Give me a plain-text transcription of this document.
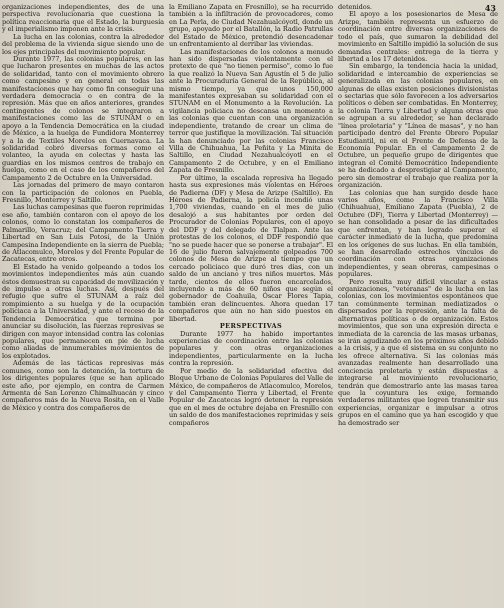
43

organizaciones independientes, des de una perspectiva revolucionaria que cuestiona la política reaccionaria que el Estado, la burguesía y el imperialismo imponen ante la crisis.

La lucha en las colonias, contra la alrededor del problema de la vivienda sigue siendo uno de los ejes principales del movimiento popular.

Durante 1977, las colonias populares, en las que lucharon presentes en muchas de las actos de solidaridad, tanto con el movimiento obrero como campesino y en general en todas las manifestaciones que hay como fin conseguir una verdadera democracia o en contra de la represión. Más que en años anteriores, grandes contingentes de colonos se integraron a manifestaciones como las de STUNAM o en apoyo a la Tendencia Democrática en la ciudad de México, a la huelga de Fundidora Monterrey y a la de Textiles Morelos en Cuernavaca. La solidaridad cobró diversas formas como el volanteo, la ayuda en colectas y hasta las guardias en los mismos centros de trabajo en huelga, como en el caso de los compañeros del Campamento 2 de Octubre en la Universidad.

Las jornadas del primero de mayo contaron con la participación de colonos en Puebla, Fresnillo, Monterrey y Saltillo.

Las luchas campesinas que fueron reprimidas ese año, también contaron con el apoyo de los colonos, como lo constatan los compañeros de Palmarillo, Veracruz; del Campamento Tierra y Libertad en San Luis Potosí, de la Unión Campesina Independiente en la sierra de Puebla; de Atlacomulco, Morelos y del Frente Popular de Zacatecas, entre otros.

El Estado ha venido golpeando a todos los movimientos independientes más aún cuando éstos demuestran su capacidad de movilización y de impulso a otras luchas. Así, después del refugio que sufre el STUNAM a raíz del rompimiento a su huelga y de la ocupación policiaca a la Universidad, y ante el receso de la Tendencia Democrática que termina por anunciar su disolución, las fuerzas represivas se dirigen con mayor intensidad contra las colonias populares, que permanecen en pie de lucha como aliadas de innumerables movimientos de los explotados.

Además de las tácticas represivas más comunes, como son la detención, la tortura de los dirigentes populares (que se han aplicado este año, por ejemplo, en contra de Carmen Armenta de San Lorenzo Chimalhuacán y cinco compañeros más de la Nueva Rosita, en el Valle de México y contra dos compañeros de

la Emiliano Zapata en Fresnillo), se ha recurrido también a la infiltración de provocadores, como en La Perla, de Ciudad Nezahualcóyotl, donde un grupo, apoyado por el Batallón, la Radio Patrullas del Estado de México, pretendió desencadenar un enfrentamiento al derribar las viviendas.

Las manifestaciones de los colonos a menudo han sido dispersadas violentamente con el pretexto de que "no tienen permiso", como lo fue la que realizó la Nueva San Agustín el 5 de julio ante la Procuraduría General de la República, al mismo tiempo, ya que unos 150,000 manifestantes expresaban su solidaridad con el STUNAM en el Monumento a la Revolución. La vigilancia policiaca no descansa un momento a las colonias que cuentan con una organización independiente, tratando de crear un clima de terror que justifique la movilización. Tal situación la han denunciado por las colonias Francisco Villa de Chihuahua, La Peñita y La Minita de Saltillo, en Ciudad Nezahualcóyotl en el Campamento 2 de Octubre, y en el Emiliano Zapata de Fresnillo.

Por último, la escalada represiva ha llegado hasta sus expresiones más violentas en Héroes de Padierna (DF) y Mesa de Arizpe (Saltillo). En Héroes de Padierna, la policía incendió unas 1,700 viviendas, cuando en el mes de julio desalojó a sus habitantes por orden del Procurador de Colonias Populares, con el apoyo del DDF y del delegado de Tlalpan. Ante las protestas de los colonos, el DDF respondió que "no se puede hacer que se ponerse a trabajar". El 16 de julio fueron salvajemente golpeados 700 colonos de Mesa de Arizpe al tiempo que un cercado policiaco que duró tres días, con un saldo de un anciano y tres niños muertos. Más tarde, cientos de ellos fueron encarcelados, incluyendo a más de 60 niños que según el gobernador de Coahuila, Óscar Flores Tapia, también eran delincuentes. Ahora quedan 17 compañeros que aún no han sido puestos en libertad.

PERSPECTIVAS

Durante 1977 ha habido importantes experiencias de coordinación entre las colonias populares y con otras organizaciones independientes, particularmente en la lucha contra la represión.

Por medio de la solidaridad efectiva del Bloque Urbano de Colonias Populares del Valle de México, de compañeros de Atlacomulco, Morelos, y del Campamento Tierra y Libertad, el Frente Popular de Zacatecas logró detener la represión que en el mes de octubre dejaba en Fresnillo con un saldo de dos manifestaciones reprimidas y seis compañeros

detenidos.

El apoyo a los posesionarios de Mesa de Arizpe, también representa un esfuerzo de coordinación entre diversas organizaciones de todo el país, que sumaron la debilidad del movimiento en Saltillo impidió la solución de sus demandas centrales: entrega de la tierra y libertad a los 17 detenidos.

Sin embargo, la tendencia hacia la unidad, solidaridad e intercambio de experiencias se generalizada en las colonias populares, en algunas de ellas existen posiciones divisionistas o sectarias que sólo favorecen a los adversarios políticos o deben ser combatidas. En Monterrey, la colonia Tierra y Libertad y alguna otras que se agrupan a su alrededor, se han declarado "línea proletaria" y "Línea de masas", y no han participado dentro del Frente Obrero Popular Estudiantil, ni en el Frente de Defensa de la Economía Popular. En el Campamento 2 de Octubre, un pequeño grupo de dirigentes que integran el Comité Democrático Independiente se ha dedicado a desprestigiar al Campamento, pero sin demostrar el trabajo que realiza por la organización.

Las colonias que han surgido desde hace varios años, como la Francisco Villa (Chihuahua), Emiliano Zapata (Puebla), 2 de Octubre (DF), Tierra y Libertad (Monterrey) — se han consolidado a pesar de las dificultades que enfrentan, y han logrado superar el carácter inmediato de la lucha, que predomina en los orígenes de sus luchas. En ella también, se han desarrollado estrechos vínculos de coordinación con otras organizaciones independientes, y sean obreras, campesinas o populares.

Pero resulta muy difícil vincular a estas organizaciones, "veteranas" de la lucha en las colonias, con los movimientos espontáneos que tan comúnmente terminan mediatizados o dispersados por la represión, ante la falta de alternativas políticas o de organización. Estos movimientos, que son una expresión directa e inmediata de la carencia de las masas urbanas, se irán agudizando en los próximos años debido a la crisis, y a que el sistema en su conjunto no les ofrece alternativa. Si las colonias más avanzadas realmente han desarrollado una conciencia proletaria y están dispuestas a integrarse al movimiento revolucionario, tendrán que demostrarlo ante las masas tarea que la coyuntura les exige, formando verdaderos militantes que logren transmitir sus experiencias, organizar e impulsar a otros grupos en el camino que ya han escogido y que ha demostrado ser
